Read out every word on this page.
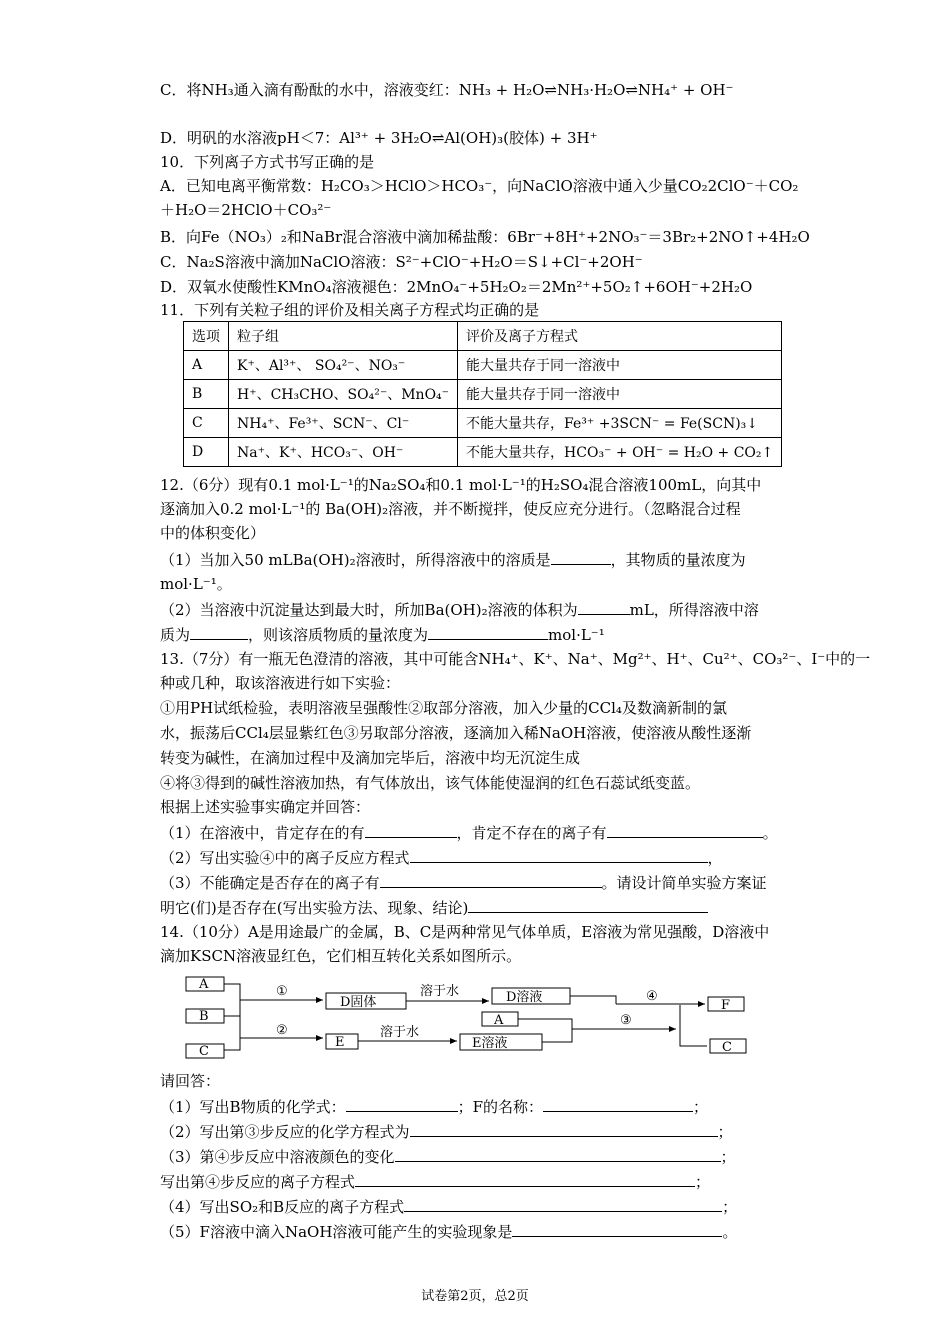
C．将NH₃通入滴有酚酞的水中，溶液变红：NH₃ + H₂O⇌NH₃·H₂O⇌NH₄⁺ + OH⁻
D．明矾的水溶液pH＜7：Al³⁺ + 3H₂O⇌Al(OH)₃(胶体) + 3H⁺
10．下列离子方式书写正确的是
A．已知电离平衡常数：H₂CO₃＞HClO＞HCO₃⁻，向NaClO溶液中通入少量CO₂2ClO⁻＋CO₂
＋H₂O＝2HClO＋CO₃²⁻
B．向Fe（NO₃）₂和NaBr混合溶液中滴加稀盐酸：6Br⁻+8H⁺+2NO₃⁻＝3Br₂+2NO↑+4H₂O
C．Na₂S溶液中滴加NaClO溶液：S²⁻+ClO⁻+H₂O＝S↓+Cl⁻+2OH⁻
D．双氧水使酸性KMnO₄溶液褪色：2MnO₄⁻+5H₂O₂＝2Mn²⁺+5O₂↑+6OH⁻+2H₂O
11．下列有关粒子组的评价及相关离子方程式均正确的是
选项	粒子组	评价及离子方程式
A	K⁺、Al³⁺、 SO₄²⁻、NO₃⁻	能大量共存于同一溶液中
B	H⁺、CH₃CHO、SO₄²⁻、MnO₄⁻	能大量共存于同一溶液中
C	NH₄⁺、Fe³⁺、SCN⁻、Cl⁻	不能大量共存，Fe³⁺ +3SCN⁻ = Fe(SCN)₃↓
D	Na⁺、K⁺、HCO₃⁻、OH⁻	不能大量共存，HCO₃⁻ + OH⁻ = H₂O + CO₂↑
12.（6分）现有0.1 mol·L⁻¹的Na₂SO₄和0.1 mol·L⁻¹的H₂SO₄混合溶液100mL，向其中
逐滴加入0.2 mol·L⁻¹的 Ba(OH)₂溶液，并不断搅拌，使反应充分进行。（忽略混合过程
中的体积变化）
（1）当加入50 mLBa(OH)₂溶液时，所得溶液中的溶质是	，其物质的量浓度为
mol·L⁻¹。
（2）当溶液中沉淀量达到最大时，所加Ba(OH)₂溶液的体积为	mL，所得溶液中溶
质为	，则该溶质物质的量浓度为	mol·L⁻¹
13.（7分）有一瓶无色澄清的溶液，其中可能含NH₄⁺、K⁺、Na⁺、Mg²⁺、H⁺、Cu²⁺、CO₃²⁻、I⁻中的一
种或几种，取该溶液进行如下实验：
①用PH试纸检验，表明溶液呈强酸性②取部分溶液，加入少量的CCl₄及数滴新制的氯
水，振荡后CCl₄层显紫红色③另取部分溶液，逐滴加入稀NaOH溶液，使溶液从酸性逐渐
转变为碱性，在滴加过程中及滴加完毕后，溶液中均无沉淀生成
④将③得到的碱性溶液加热，有气体放出，该气体能使湿润的红色石蕊试纸变蓝。
根据上述实验事实确定并回答：
（1）在溶液中，肯定存在的有	，肯定不存在的离子有	。
（2）写出实验④中的离子反应方程式	，
（3）不能确定是否存在的离子有	。请设计简单实验方案证
明它(们)是否存在(写出实验方法、现象、结论)
14.（10分）A是用途最广的金属，B、C是两种常见气体单质，E溶液为常见强酸，D溶液中
滴加KSCN溶液显红色，它们相互转化关系如图所示。
A
B
C
①
②
D固体
溶于水	D溶液
E
溶于水
E溶液
A	③
④
F
C
请回答：
（1）写出B物质的化学式：	；F的名称：	；
（2）写出第③步反应的化学方程式为	；
（3）第④步反应中溶液颜色的变化	；
写出第④步反应的离子方程式	；
（4）写出SO₂和B反应的离子方程式	；
（5）F溶液中滴入NaOH溶液可能产生的实验现象是	。
试卷第2页，总2页
